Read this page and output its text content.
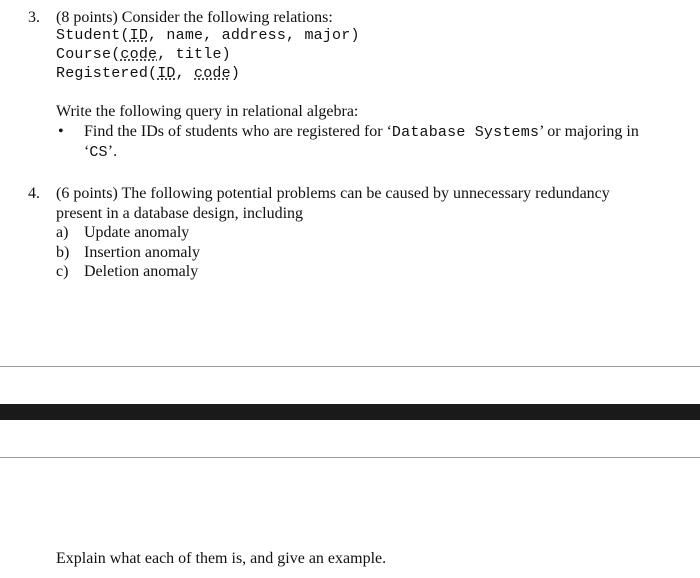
3. (8 points) Consider the following relations:
Student(ID, name, address, major)
Course(code, title)
Registered(ID, code)
Write the following query in relational algebra:
• Find the IDs of students who are registered for ‘Database Systems’ or majoring in
‘CS’.
4. (6 points) The following potential problems can be caused by unnecessary redundancy
present in a database design, including
a) Update anomaly
b) Insertion anomaly
c) Deletion anomaly
Explain what each of them is, and give an example.
